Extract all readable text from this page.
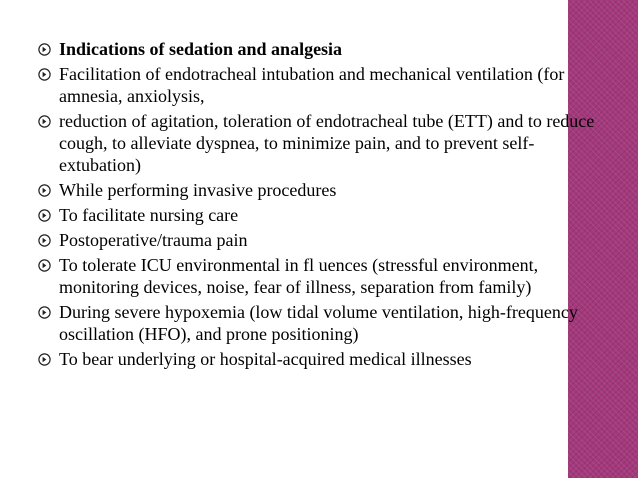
Indications of sedation and analgesia
Facilitation of endotracheal intubation and mechanical ventilation (for amnesia, anxiolysis,
reduction of agitation, toleration of endotracheal tube (ETT) and to reduce cough, to alleviate dyspnea, to minimize pain, and to prevent self-extubation)
While performing invasive procedures
To facilitate nursing care
Postoperative/trauma pain
To tolerate ICU environmental in fl uences (stressful environment, monitoring devices, noise, fear of illness, separation from family)
During severe hypoxemia (low tidal volume ventilation, high-frequency oscillation (HFO), and prone positioning)
To bear underlying or hospital-acquired medical illnesses
